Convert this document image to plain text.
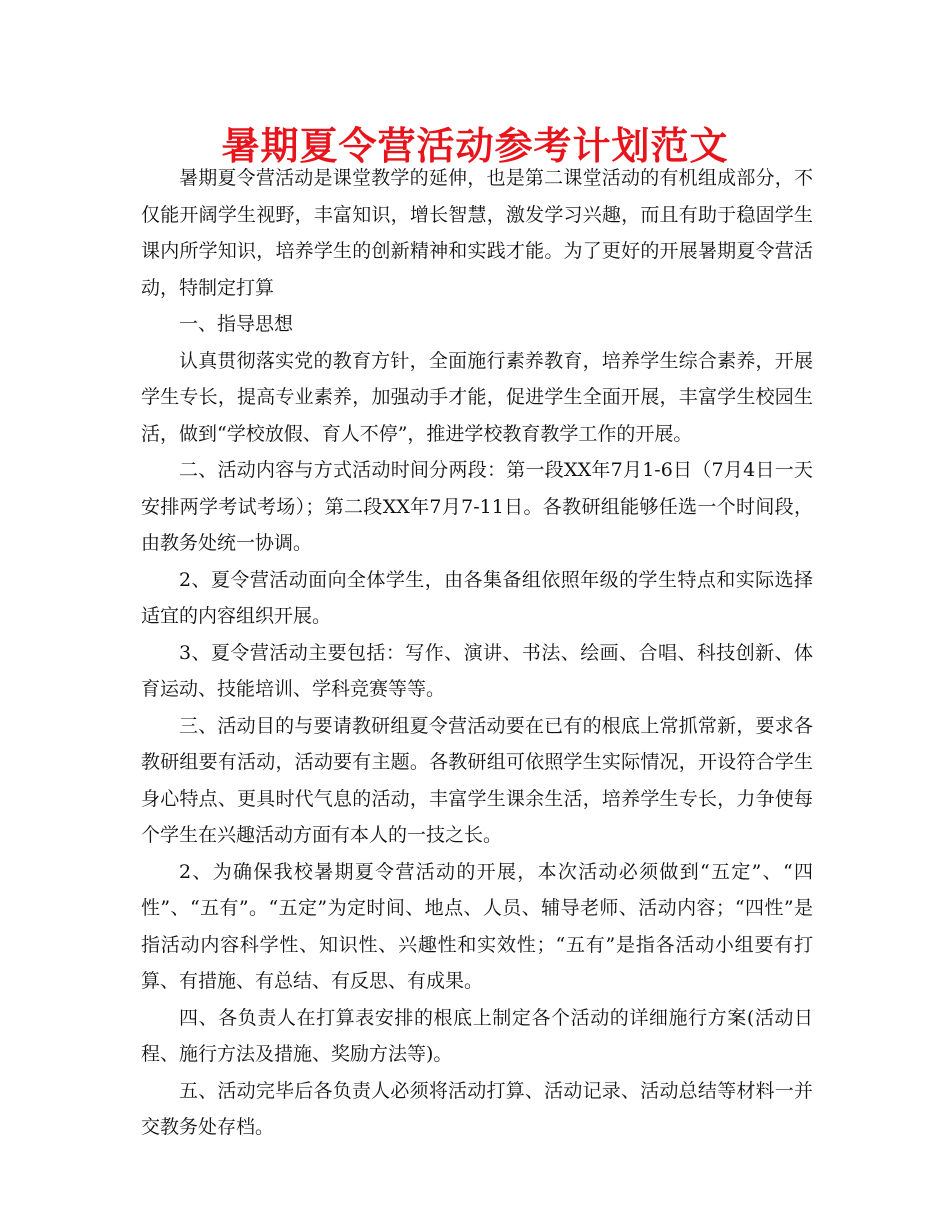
暑期夏令营活动参考计划范文

暑期夏令营活动是课堂教学的延伸，也是第二课堂活动的有机组成部分，不仅能开阔学生视野，丰富知识，增长智慧，激发学习兴趣，而且有助于稳固学生课内所学知识，培养学生的创新精神和实践才能。为了更好的开展暑期夏令营活动，特制定打算

一、指导思想

认真贯彻落实党的教育方针，全面施行素养教育，培养学生综合素养，开展学生专长，提高专业素养，加强动手才能，促进学生全面开展，丰富学生校园生活，做到“学校放假、育人不停”，推进学校教育教学工作的开展。

二、活动内容与方式活动时间分两段：第一段XX年7月1-6日（7月4日一天安排两学考试考场）；第二段XX年7月7-11日。各教研组能够任选一个时间段，由教务处统一协调。

2、夏令营活动面向全体学生，由各集备组依照年级的学生特点和实际选择适宜的内容组织开展。

3、夏令营活动主要包括：写作、演讲、书法、绘画、合唱、科技创新、体育运动、技能培训、学科竞赛等等。

三、活动目的与要请教研组夏令营活动要在已有的根底上常抓常新，要求各教研组要有活动，活动要有主题。各教研组可依照学生实际情况，开设符合学生身心特点、更具时代气息的活动，丰富学生课余生活，培养学生专长，力争使每个学生在兴趣活动方面有本人的一技之长。

2、为确保我校暑期夏令营活动的开展，本次活动必须做到“五定”、“四性”、“五有”。“五定”为定时间、地点、人员、辅导老师、活动内容；“四性”是指活动内容科学性、知识性、兴趣性和实效性；“五有”是指各活动小组要有打算、有措施、有总结、有反思、有成果。

四、各负责人在打算表安排的根底上制定各个活动的详细施行方案(活动日程、施行方法及措施、奖励方法等)。

五、活动完毕后各负责人必须将活动打算、活动记录、活动总结等材料一并交教务处存档。
